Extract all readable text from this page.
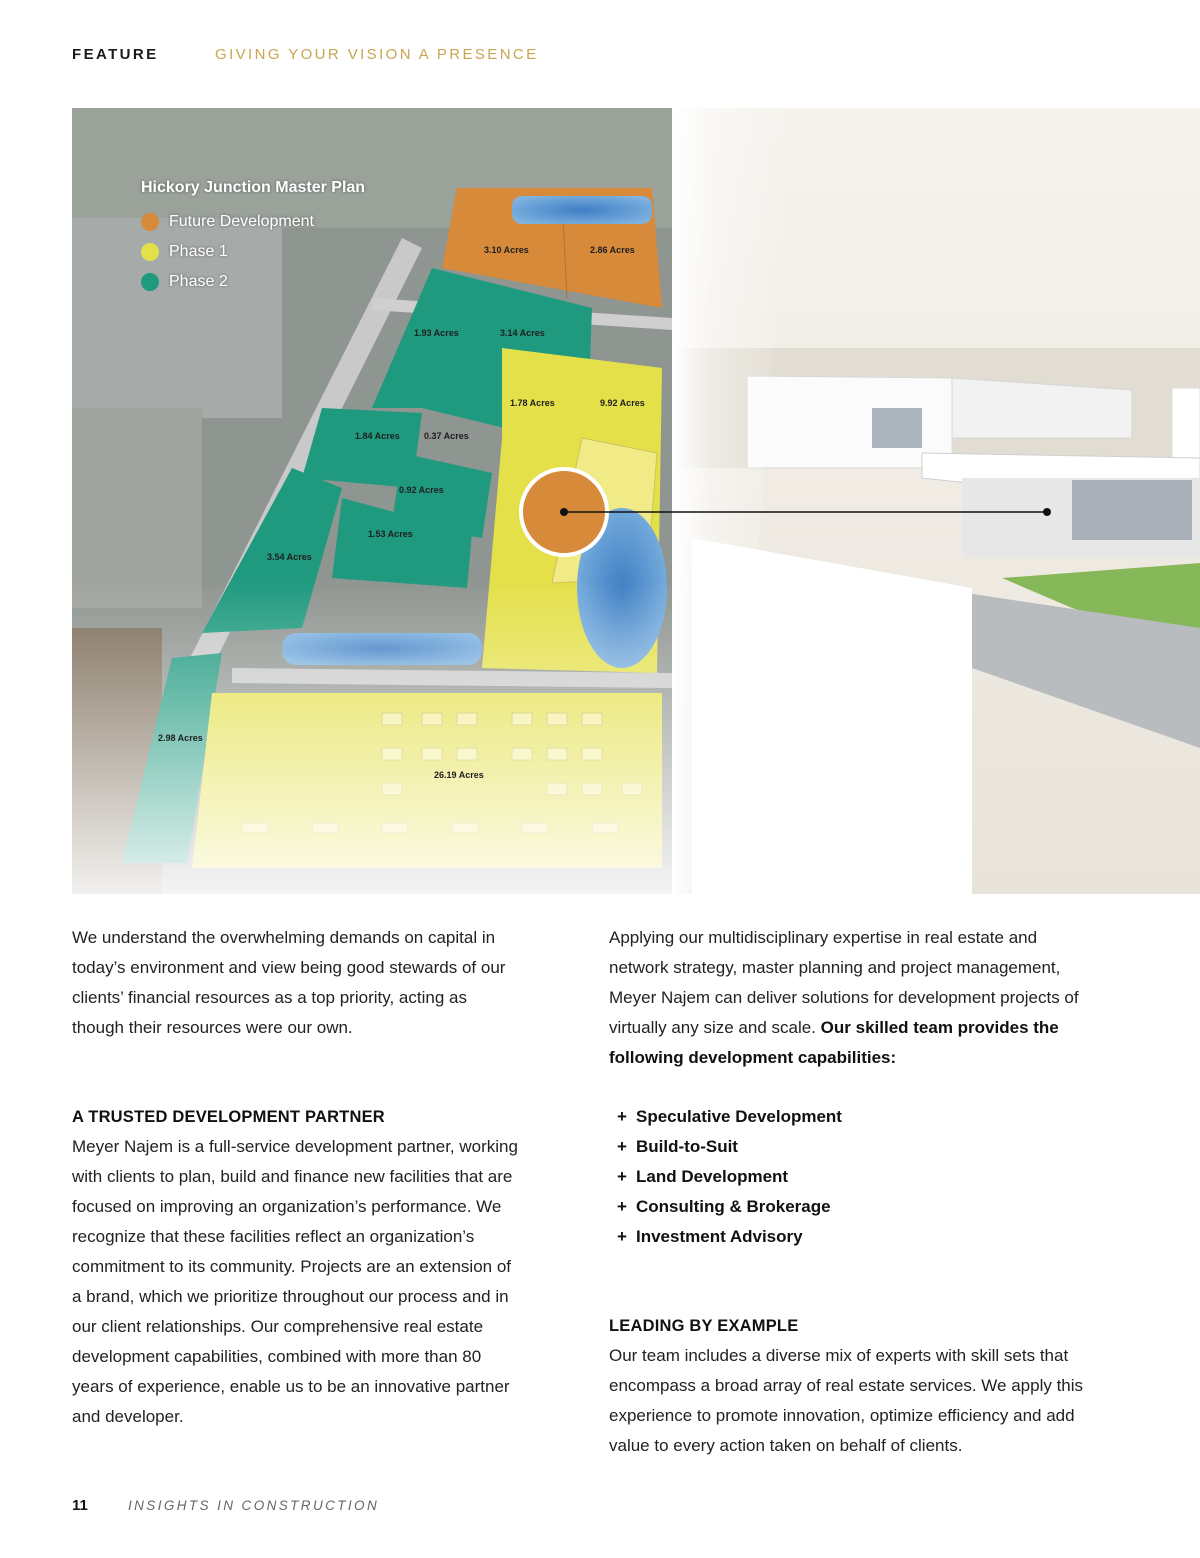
FEATURE	GIVING YOUR VISION A PRESENCE
3.10 Acres	2.86 Acres
1.93 Acres	3.14 Acres
1.78 Acres	9.92 Acres
1.84 Acres	0.37 Acres
0.92 Acres
1.53 Acres
3.54 Acres
2.98 Acres
26.19 Acres
Hickory Junction Master Plan
Future Development
Phase 1
Phase 2

We understand the overwhelming demands on capital in today’s environment and view being good stewards of our clients’ financial resources as a top priority, acting as though their resources were our own.

A TRUSTED DEVELOPMENT PARTNER

Meyer Najem is a full-service development partner, working with clients to plan, build and finance new facilities that are focused on improving an organization’s performance. We recognize that these facilities reflect an organization’s commitment to its community. Projects are an extension of a brand, which we prioritize throughout our process and in our client relationships. Our comprehensive real estate development capabilities, combined with more than 80 years of experience, enable us to be an innovative partner and developer.

Applying our multidisciplinary expertise in real estate and network strategy, master planning and project management, Meyer Najem can deliver solutions for development projects of virtually any size and scale. Our skilled team provides the following development capabilities:

+ Speculative Development
+ Build-to-Suit
+ Land Development
+ Consulting & Brokerage
+ Investment Advisory
LEADING BY EXAMPLE

Our team includes a diverse mix of experts with skill sets that encompass a broad array of real estate services. We apply this experience to promote innovation, optimize efficiency and add value to every action taken on behalf of clients.

11	INSIGHTS IN CONSTRUCTION
